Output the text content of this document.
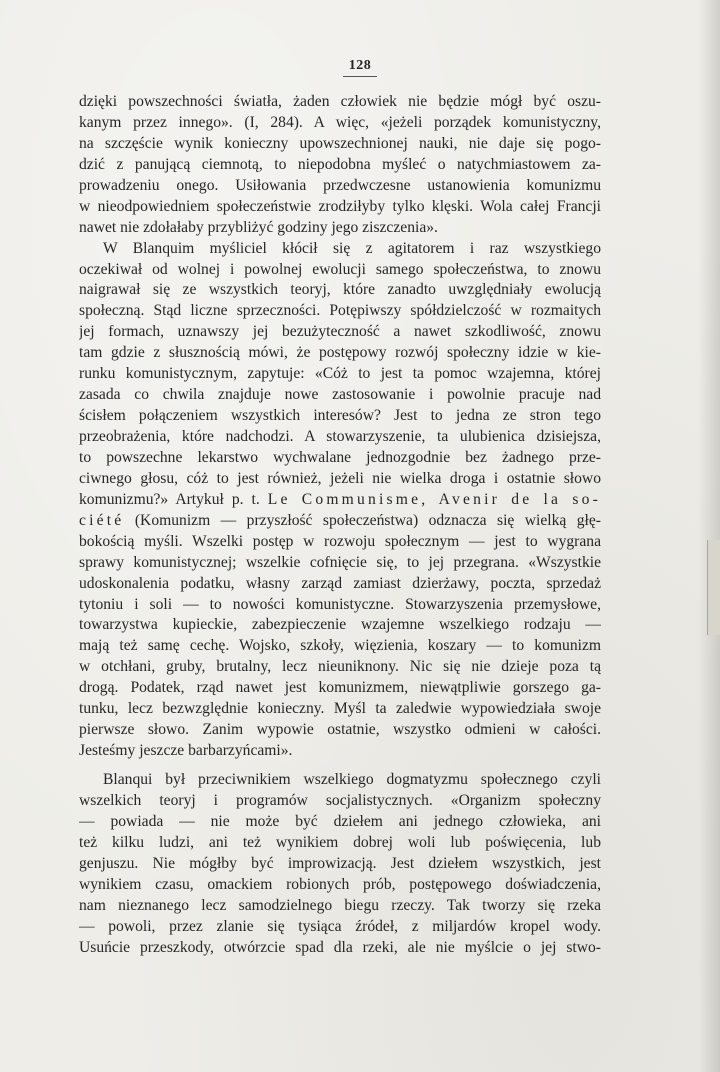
128
dzięki powszechności światła, żaden człowiek nie będzie mógł być oszu-
kanym przez innego». (I, 284). A więc, «jeżeli porządek komunistyczny,
na szczęście wynik konieczny upowszechnionej nauki, nie daje się pogo-
dzić z panującą ciemnotą, to niepodobna myśleć o natychmiastowem za-
prowadzeniu onego. Usiłowania przedwczesne ustanowienia komunizmu
w nieodpowiedniem społeczeństwie zrodziłyby tylko klęski. Wola całej Francji
nawet nie zdołałaby przybliżyć godziny jego ziszczenia».
W Blanquim myśliciel kłócił się z agitatorem i raz wszystkiego
oczekiwał od wolnej i powolnej ewolucji samego społeczeństwa, to znowu
naigrawał się ze wszystkich teoryj, które zanadto uwzględniały ewolucją
społeczną. Stąd liczne sprzeczności. Potępiwszy spółdzielczość w rozmaitych
jej formach, uznawszy jej bezużyteczność a nawet szkodliwość, znowu
tam gdzie z słusznością mówi, że postępowy rozwój społeczny idzie w kie-
runku komunistycznym, zapytuje: «Cóż to jest ta pomoc wzajemna, której
zasada co chwila znajduje nowe zastosowanie i powolnie pracuje nad
ścisłem połączeniem wszystkich interesów? Jest to jedna ze stron tego
przeobrażenia, które nadchodzi. A stowarzyszenie, ta ulubienica dzisiejsza,
to powszechne lekarstwo wychwalane jednozgodnie bez żadnego prze-
ciwnego głosu, cóż to jest również, jeżeli nie wielka droga i ostatnie słowo
komunizmu?» Artykuł p. t. Le Communisme, Avenir de la so-
ciété (Komunizm — przyszłość społeczeństwa) odznacza się wielką głę-
bokością myśli. Wszelki postęp w rozwoju społecznym — jest to wygrana
sprawy komunistycznej; wszelkie cofnięcie się, to jej przegrana. «Wszystkie
udoskonalenia podatku, własny zarząd zamiast dzierżawy, poczta, sprzedaż
tytoniu i soli — to nowości komunistyczne. Stowarzyszenia przemysłowe,
towarzystwa kupieckie, zabezpieczenie wzajemne wszelkiego rodzaju —
mają też samę cechę. Wojsko, szkoły, więzienia, koszary — to komunizm
w otchłani, gruby, brutalny, lecz nieuniknony. Nic się nie dzieje poza tą
drogą. Podatek, rząd nawet jest komunizmem, niewątpliwie gorszego ga-
tunku, lecz bezwzględnie konieczny. Myśl ta zaledwie wypowiedziała swoje
pierwsze słowo. Zanim wypowie ostatnie, wszystko odmieni w całości.
Jesteśmy jeszcze barbarzyńcami».
Blanqui był przeciwnikiem wszelkiego dogmatyzmu społecznego czyli
wszelkich teoryj i programów socjalistycznych. «Organizm społeczny
— powiada — nie może być dziełem ani jednego człowieka, ani
też kilku ludzi, ani też wynikiem dobrej woli lub poświęcenia, lub
genjuszu. Nie mógłby być improwizacją. Jest dziełem wszystkich, jest
wynikiem czasu, omackiem robionych prób, postępowego doświadczenia,
nam nieznanego lecz samodzielnego biegu rzeczy. Tak tworzy się rzeka
— powoli, przez zlanie się tysiąca źródeł, z miljardów kropel wody.
Usuńcie przeszkody, otwórzcie spad dla rzeki, ale nie myślcie o jej stwo-
